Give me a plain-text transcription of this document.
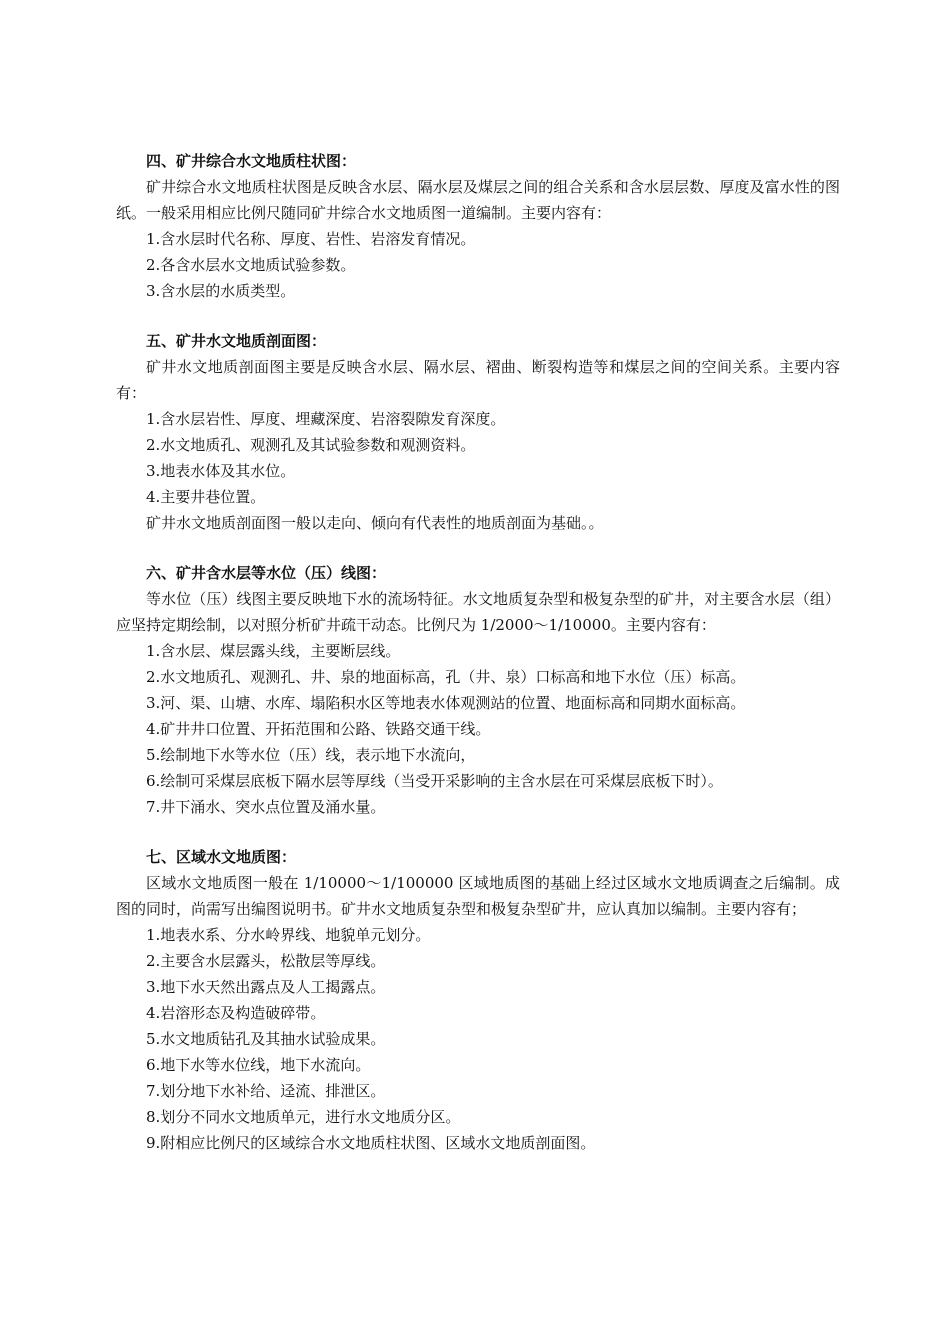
四、矿井综合水文地质柱状图：

矿井综合水文地质柱状图是反映含水层、隔水层及煤层之间的组合关系和含水层层数、厚度及富水性的图纸。一般采用相应比例尺随同矿井综合水文地质图一道编制。主要内容有：

1.含水层时代名称、厚度、岩性、岩溶发育情况。

2.各含水层水文地质试验参数。

3.含水层的水质类型。

五、矿井水文地质剖面图：

矿井水文地质剖面图主要是反映含水层、隔水层、褶曲、断裂构造等和煤层之间的空间关系。主要内容有：

1.含水层岩性、厚度、埋藏深度、岩溶裂隙发育深度。

2.水文地质孔、观测孔及其试验参数和观测资料。

3.地表水体及其水位。

4.主要井巷位置。

矿井水文地质剖面图一般以走向、倾向有代表性的地质剖面为基础。。

六、矿井含水层等水位（压）线图：

等水位（压）线图主要反映地下水的流场特征。水文地质复杂型和极复杂型的矿井，对主要含水层（组）应坚持定期绘制，以对照分析矿井疏干动态。比例尺为 1/2000～1/10000。主要内容有：

1.含水层、煤层露头线，主要断层线。

2.水文地质孔、观测孔、井、泉的地面标高，孔（井、泉）口标高和地下水位（压）标高。

3.河、渠、山塘、水库、塌陷积水区等地表水体观测站的位置、地面标高和同期水面标高。

4.矿井井口位置、开拓范围和公路、铁路交通干线。

5.绘制地下水等水位（压）线，表示地下水流向，

6.绘制可采煤层底板下隔水层等厚线（当受开采影响的主含水层在可采煤层底板下时）。

7.井下涌水、突水点位置及涌水量。

七、区域水文地质图：

区域水文地质图一般在 1/10000～1/100000 区域地质图的基础上经过区域水文地质调查之后编制。成图的同时，尚需写出编图说明书。矿井水文地质复杂型和极复杂型矿井，应认真加以编制。主要内容有；

1.地表水系、分水岭界线、地貌单元划分。

2.主要含水层露头，松散层等厚线。

3.地下水天然出露点及人工揭露点。

4.岩溶形态及构造破碎带。

5.水文地质钻孔及其抽水试验成果。

6.地下水等水位线，地下水流向。

7.划分地下水补给、迳流、排泄区。

8.划分不同水文地质单元，进行水文地质分区。

9.附相应比例尺的区域综合水文地质柱状图、区域水文地质剖面图。
